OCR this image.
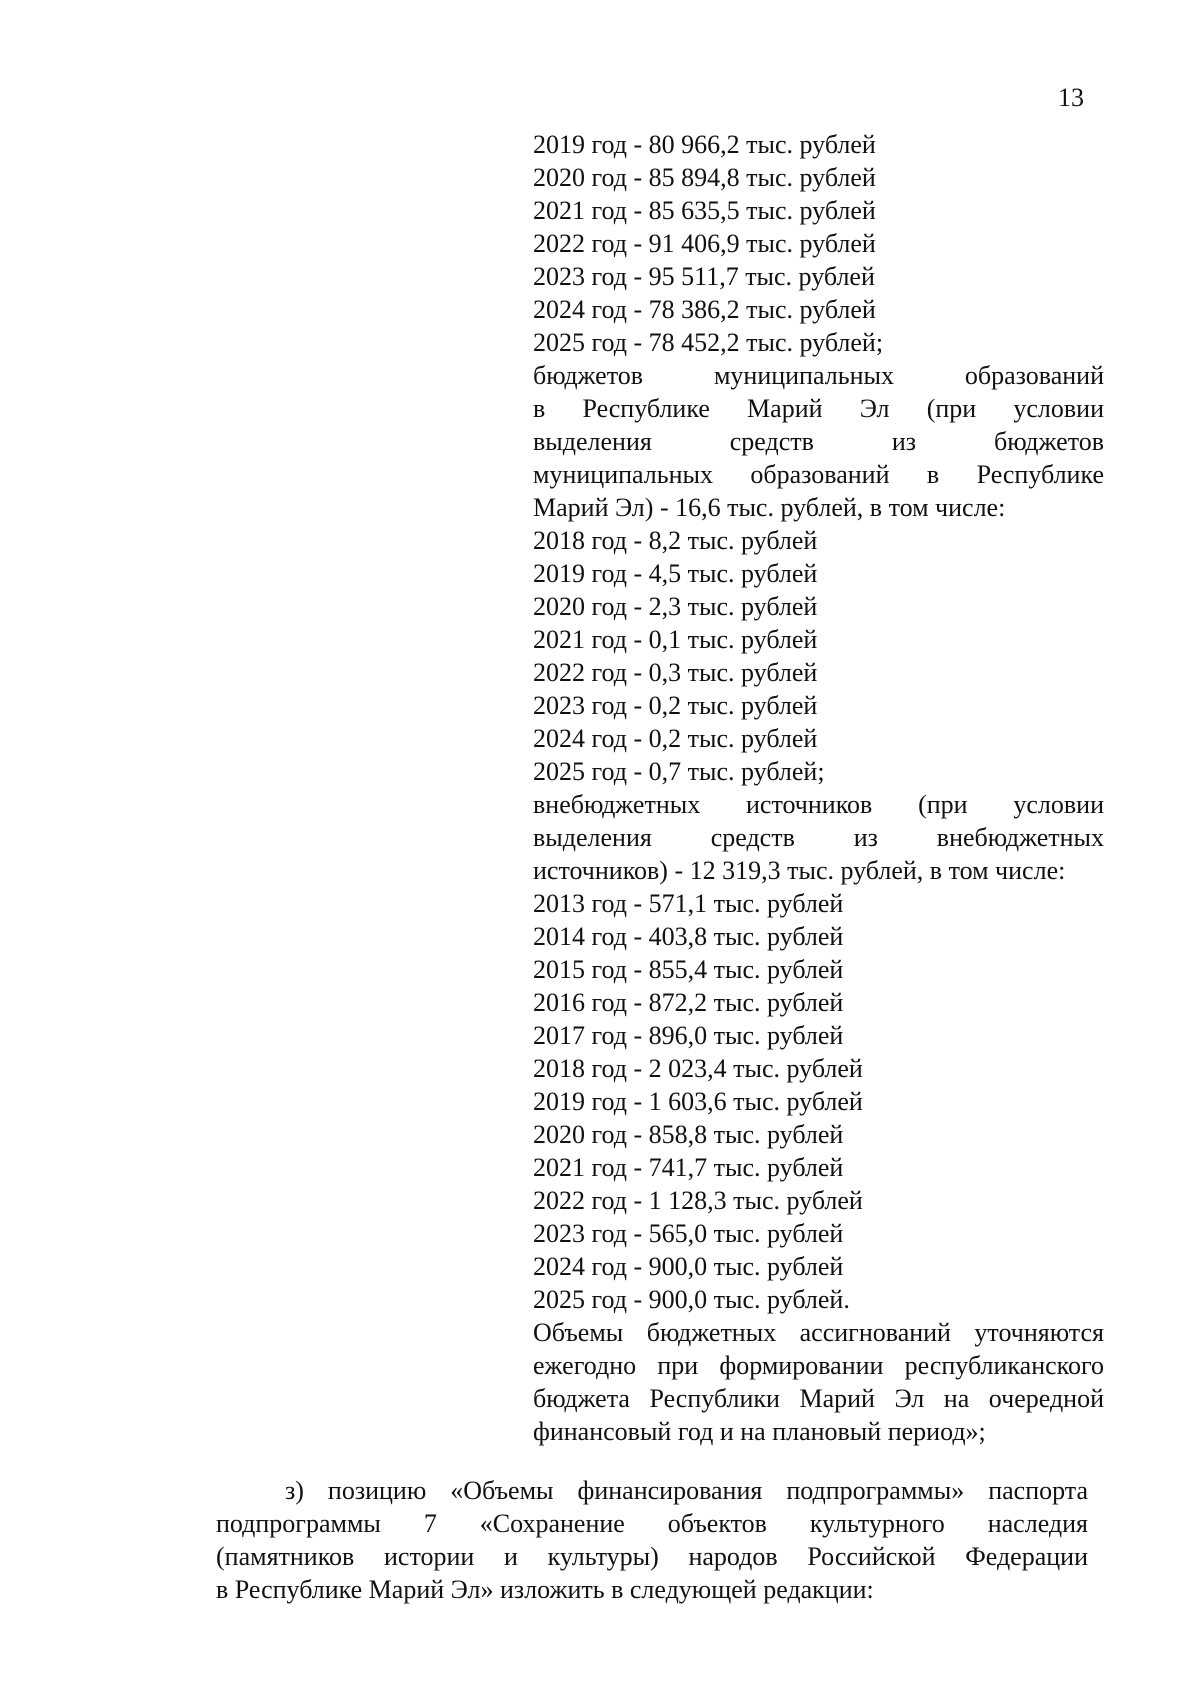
13
2019 год - 80 966,2 тыс. рублей
2020 год - 85 894,8 тыс. рублей
2021 год - 85 635,5 тыс. рублей
2022 год - 91 406,9 тыс. рублей
2023 год - 95 511,7 тыс. рублей
2024 год - 78 386,2 тыс. рублей
2025 год - 78 452,2 тыс. рублей;
бюджетов муниципальных образований
в Республике Марий Эл (при условии
выделения средств из бюджетов
муниципальных образований в Республике
Марий Эл) - 16,6 тыс. рублей, в том числе:
2018 год - 8,2 тыс. рублей
2019 год - 4,5 тыс. рублей
2020 год - 2,3 тыс. рублей
2021 год - 0,1 тыс. рублей
2022 год - 0,3 тыс. рублей
2023 год - 0,2 тыс. рублей
2024 год - 0,2 тыс. рублей
2025 год - 0,7 тыс. рублей;
внебюджетных источников (при условии
выделения средств из внебюджетных
источников) - 12 319,3 тыс. рублей, в том числе:
2013 год - 571,1 тыс. рублей
2014 год - 403,8 тыс. рублей
2015 год - 855,4 тыс. рублей
2016 год - 872,2 тыс. рублей
2017 год - 896,0 тыс. рублей
2018 год - 2 023,4 тыс. рублей
2019 год - 1 603,6 тыс. рублей
2020 год - 858,8 тыс. рублей
2021 год - 741,7 тыс. рублей
2022 год - 1 128,3 тыс. рублей
2023 год - 565,0 тыс. рублей
2024 год - 900,0 тыс. рублей
2025 год - 900,0 тыс. рублей.
Объемы бюджетных ассигнований уточняются
ежегодно при формировании республиканского
бюджета Республики Марий Эл на очередной
финансовый год и на плановый период»;
з) позицию «Объемы финансирования подпрограммы» паспорта
подпрограммы 7 «Сохранение объектов культурного наследия
(памятников истории и культуры) народов Российской Федерации
в Республике Марий Эл» изложить в следующей редакции:
